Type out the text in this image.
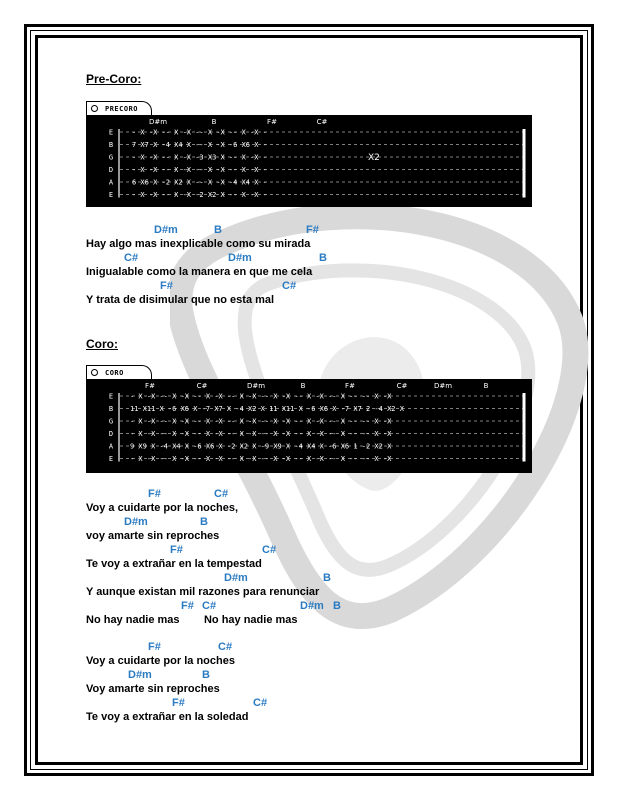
Pre-Coro:
PRECORO
E	- X -X -- X -X -- X -X -- X -X -
B	7 X7 X -4 X4 X -- X -X -6 X6 X -
G	- X -X -- X -X -3 X3 X -- X -X -
D	- X -X -- X -X -- X -X -- X -X -
A	6 X6 X -2 X2 X -- X -X -4 X4 X -
E	- X -X -- X -X -2 X2 X -- X -X -
D#m	B	F#	C#
X2
D#m	B	F#
Hay algo mas inexplicable como su mirada
C#	D#m	B
Inigualable como la manera en que me cela
F#	C#
Y trata de disimular que no esta mal
Coro:
CORO
E - X -X -- X -X -- X -X -- X -X -- X -X -- X -X -- X -- -- X -X
B 11 X11 X -6 X6 X -7 X7 X -4 X2 X 11 X11 X -6 X6 X -7 X7 2 -4 X2 X
G - X -X -- X -X -- X -X -- X -X -- X -X -- X -X -- X -- -- X -X
D - X -X -- X -X -- X -X -- X -X -- X -X -- X -X -- X -- -- X -X
A 9 X9 X -4 X4 X -6 X6 X -2 X2 X -9 X9 X -4 X4 X -6 X6 1 -2 X2 X
E - X -X -- X -X -- X -X -- X -X -- X -X -- X -X -- X -- -- X -X
F#	C#	D#m	B	F#	C#	D#m	B
F#	C#
Voy a cuidarte por la noches,
D#m	B
voy amarte sin reproches
F#	C#
Te voy a extrañar en la tempestad
D#m	B
Y aunque existan mil razones para renunciar
F# C#	D#m B
No hay nadie mas        No hay nadie mas
F#	C#
Voy a cuidarte por la noches
D#m	B
Voy amarte sin reproches
F#	C#
Te voy a extrañar en la soledad
